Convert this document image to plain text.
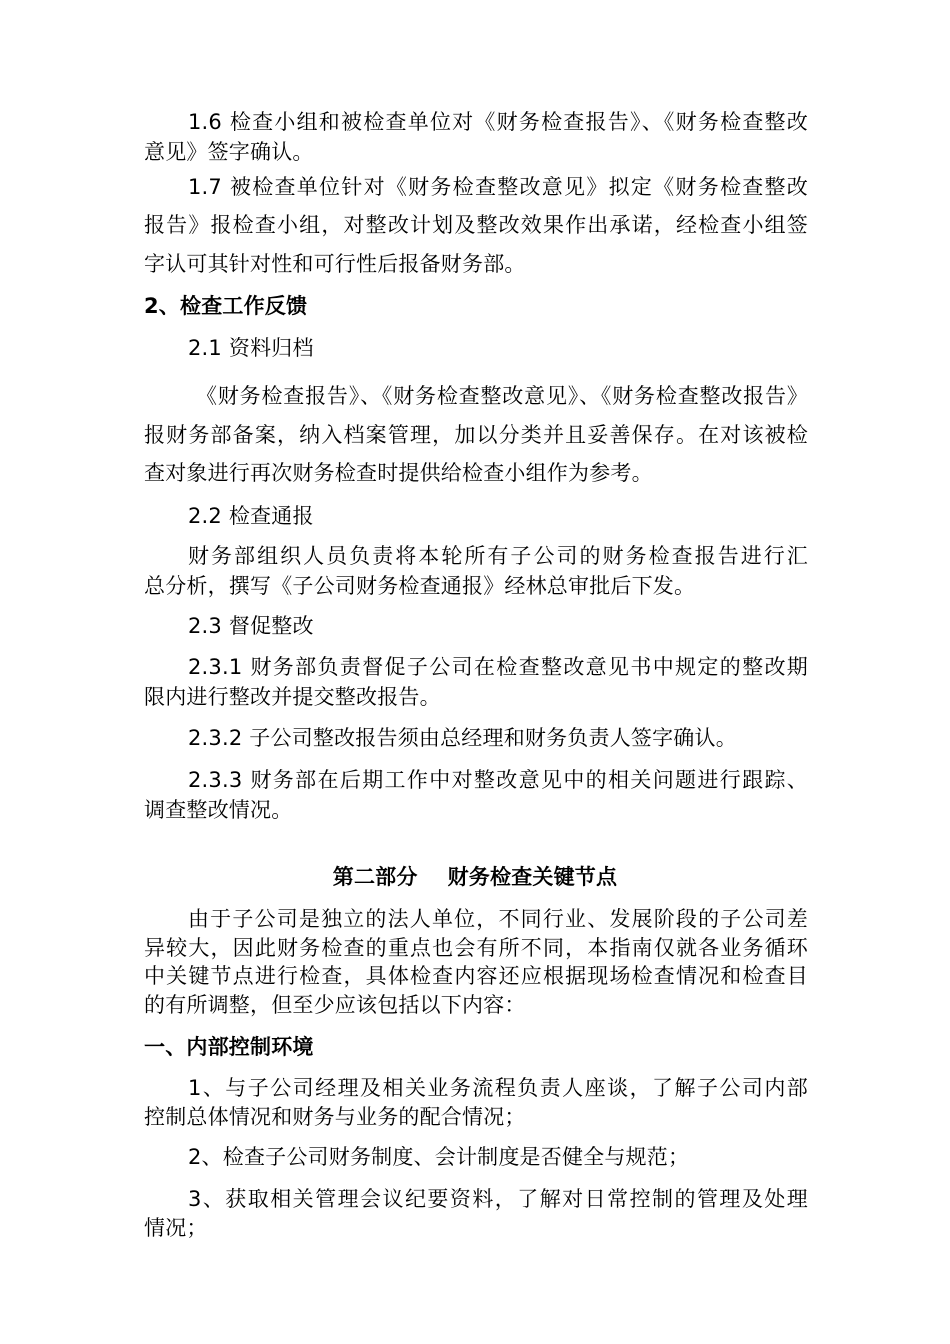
1.6 检查小组和被检查单位对《财务检查报告》、《财务检查整改
意见》签字确认。
1.7 被检查单位针对《财务检查整改意见》拟定《财务检查整改
报告》报检查小组，对整改计划及整改效果作出承诺，经检查小组签
字认可其针对性和可行性后报备财务部。
2、检查工作反馈
2.1 资料归档
《财务检查报告》、《财务检查整改意见》、《财务检查整改报告》
报财务部备案，纳入档案管理，加以分类并且妥善保存。在对该被检
查对象进行再次财务检查时提供给检查小组作为参考。
2.2 检查通报
财务部组织人员负责将本轮所有子公司的财务检查报告进行汇
总分析，撰写《子公司财务检查通报》经林总审批后下发。
2.3 督促整改
2.3.1 财务部负责督促子公司在检查整改意见书中规定的整改期
限内进行整改并提交整改报告。
2.3.2 子公司整改报告须由总经理和财务负责人签字确认。
2.3.3 财务部在后期工作中对整改意见中的相关问题进行跟踪、
调查整改情况。
第二部分    财务检查关键节点
由于子公司是独立的法人单位，不同行业、发展阶段的子公司差
异较大，因此财务检查的重点也会有所不同，本指南仅就各业务循环
中关键节点进行检查，具体检查内容还应根据现场检查情况和检查目
的有所调整，但至少应该包括以下内容：
一、内部控制环境
1、与子公司经理及相关业务流程负责人座谈，了解子公司内部
控制总体情况和财务与业务的配合情况；
2、检查子公司财务制度、会计制度是否健全与规范；
3、获取相关管理会议纪要资料，了解对日常控制的管理及处理
情况；
